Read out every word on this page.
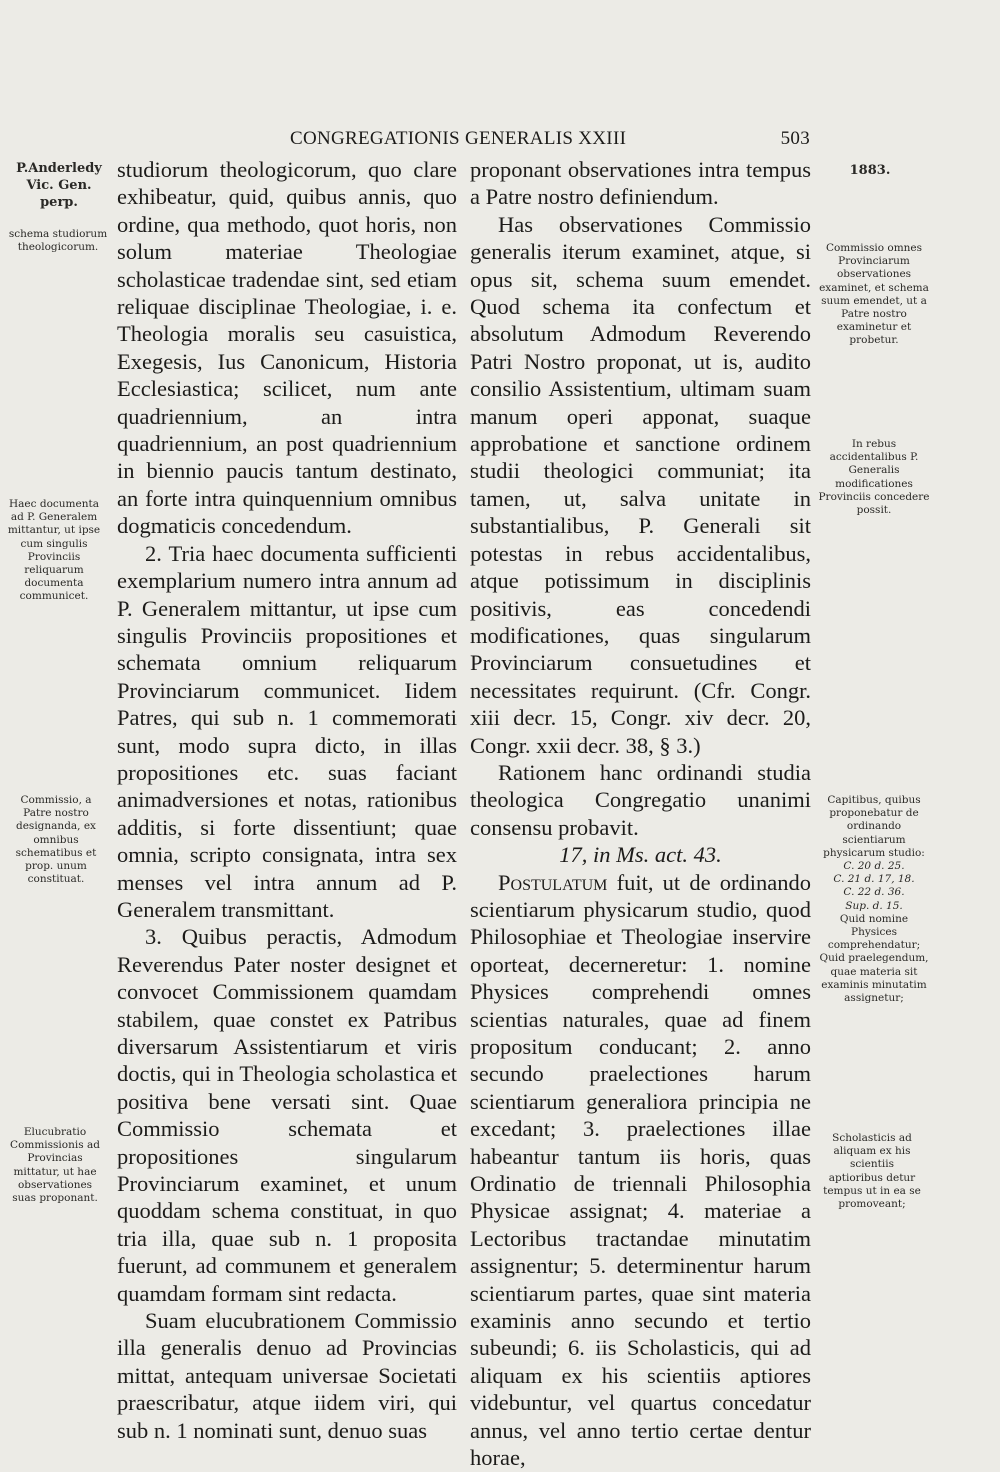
CONGREGATIONIS GENERALIS XXIII	503
P.Anderledy Vic. Gen. perp.
schema studiorum theologicorum.
Haec documenta ad P. Generalem mittantur, ut ipse cum singulis Provinciis reliquarum documenta communicet.
Commissio, a Patre nostro designanda, ex omnibus schematibus et prop. unum constituat.
Elucubratio Commissionis ad Provincias mittatur, ut hae observationes suas proponant.
1883.
Commissio omnes Provinciarum observationes examinet, et schema suum emendet, ut a Patre nostro examinetur et probetur.
In rebus accidentalibus P. Generalis modificationes Provinciis concedere possit.
Capitibus, quibus proponebatur de ordinando scientiarum physicarum studio:
C. 20 d. 25.
C. 21 d. 17, 18.
C. 22 d. 36.
Sup. d. 15.
Quid nomine Physices comprehendatur; Quid praelegendum, quae materia sit examinis minutatim assignetur;
Scholasticis ad aliquam ex his scientiis aptioribus detur tempus ut in ea se promoveant;

studiorum theologicorum, quo clare exhibeatur, quid, quibus annis, quo ordine, qua methodo, quot horis, non solum materiae Theologiae scholasticae tradendae sint, sed etiam reliquae disciplinae Theologiae, i. e. Theologia moralis seu casuistica, Exegesis, Ius Canonicum, Historia Ecclesiastica; scilicet, num ante quadriennium, an intra quadriennium, an post quadriennium in biennio paucis tantum destinato, an forte intra quinquennium omnibus dogmaticis concedendum.

2. Tria haec documenta sufficienti exemplarium numero intra annum ad P. Generalem mittantur, ut ipse cum singulis Provinciis propositiones et schemata omnium reliquarum Provinciarum communicet. Iidem Patres, qui sub n. 1 commemorati sunt, modo supra dicto, in illas propositiones etc. suas faciant animadversiones et notas, rationibus additis, si forte dissentiunt; quae omnia, scripto consignata, intra sex menses vel intra annum ad P. Generalem transmittant.

3. Quibus peractis, Admodum Reverendus Pater noster designet et convocet Commissionem quamdam stabilem, quae constet ex Patribus diversarum Assistentiarum et viris doctis, qui in Theologia scholastica et positiva bene versati sint. Quae Commissio schemata et propositiones singularum Provinciarum examinet, et unum quoddam schema constituat, in quo tria illa, quae sub n. 1 proposita fuerunt, ad communem et generalem quamdam formam sint redacta.

Suam elucubrationem Commissio illa generalis denuo ad Provincias mittat, antequam universae Societati praescribatur, atque iidem viri, qui sub n. 1 nominati sunt, denuo suas

proponant observationes intra tempus a Patre nostro definiendum.

Has observationes Commissio generalis iterum examinet, atque, si opus sit, schema suum emendet. Quod schema ita confectum et absolutum Admodum Reverendo Patri Nostro proponat, ut is, audito consilio Assistentium, ultimam suam manum operi apponat, suaque approbatione et sanctione ordinem studii theologici communiat; ita tamen, ut, salva unitate in substantialibus, P. Generali sit potestas in rebus accidentalibus, atque potissimum in disciplinis positivis, eas concedendi modificationes, quas singularum Provinciarum consuetudines et necessitates requirunt. (Cfr. Congr. xiii decr. 15, Congr. xiv decr. 20, Congr. xxii decr. 38, § 3.)

Rationem hanc ordinandi studia theologica Congregatio unanimi consensu probavit.

17, in Ms. act. 43.

Postulatum fuit, ut de ordinando scientiarum physicarum studio, quod Philosophiae et Theologiae inservire oporteat, decerneretur: 1. nomine Physices comprehendi omnes scientias naturales, quae ad finem propositum conducant; 2. anno secundo praelectiones harum scientiarum generaliora principia ne excedant; 3. praelectiones illae habeantur tantum iis horis, quas Ordinatio de triennali Philosophia Physicae assignat; 4. materiae a Lectoribus tractandae minutatim assignentur; 5. determinentur harum scientiarum partes, quae sint materia examinis anno secundo et tertio subeundi; 6. iis Scholasticis, qui ad aliquam ex his scientiis aptiores videbuntur, vel quartus concedatur annus, vel anno tertio certae dentur horae,
